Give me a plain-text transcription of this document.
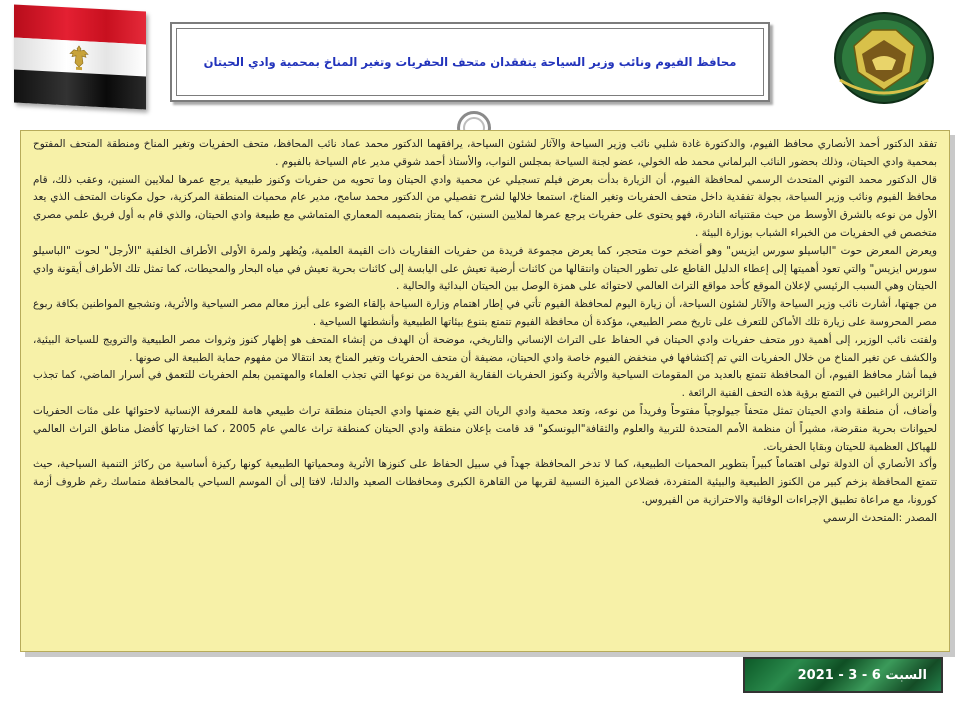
محافظ الفيوم ونائب وزير السياحة يتفقدان متحف الحفريات وتغير المناخ بمحمية وادي الحيتان

تفقد الدكتور أحمد الأنصاري محافظ الفيوم، والدكتورة غادة شلبي نائب وزير السياحة والآثار لشئون السياحة، يرافقهما الدكتور محمد عماد نائب المحافظ، متحف الحفريات وتغير المناخ ومنطقة المتحف المفتوح بمحمية وادي الحيتان، وذلك بحضور النائب البرلماني محمد طه الخولي، عضو لجنة السياحة بمجلس النواب، والأستاذ أحمد شوقي مدير عام السياحة بالفيوم .

قال الدكتور محمد التوني المتحدث الرسمي لمحافظة الفيوم، أن الزيارة بدأت بعرض فيلم تسجيلي عن محمية وادي الحيتان وما تحويه من حفريات وكنوز طبيعية يرجع عمرها لملايين السنين، وعقب ذلك، قام محافظ الفيوم ونائب وزير السياحة، بجولة تفقدية داخل متحف الحفريات وتغير المناخ، استمعا خلالها لشرح تفصيلي من الدكتور محمد سامح، مدير عام محميات المنطقة المركزية، حول مكونات المتحف الذي يعد الأول من نوعه بالشرق الأوسط من حيث مقتنياته النادرة، فهو يحتوى على حفريات يرجع عمرها لملايين السنين، كما يمتاز بتصميمه المعماري المتماشي مع طبيعة وادي الحيتان، والذي قام به أول فريق علمي مصري متخصص في الحفريات من الخبراء الشباب بوزارة البيئة .

ويعرض المعرض حوت "الباسيلو سورس ايزيس" وهو أضخم حوت متحجر، كما يعرض مجموعة فريدة من حفريات الفقاريات ذات القيمة العلمية، ويُظهر ولمرة الأولى الأطراف الخلفية "الأرجل" لحوت "الباسيلو سورس ايزيس" والتي تعود أهميتها إلى إعطاء الدليل القاطع على تطور الحيتان وانتقالها من كائنات أرضية تعيش على اليابسة إلى كائنات بحرية تعيش في مياه البحار والمحيطات، كما تمثل تلك الأطراف أيقونة وادي الحيتان وهي السبب الرئيسي لإعلان الموقع كأحد مواقع التراث العالمي لاحتوائه على همزة الوصل بين الحيتان البدائية والحالية .

من جهتها، أشارت نائب وزير السياحة والآثار لشئون السياحة، أن زيارة اليوم لمحافظة الفيوم تأتي في إطار اهتمام وزارة السياحة بإلقاء الضوء على أبرز معالم مصر السياحية والأثرية، وتشجيع المواطنين بكافة ربوع مصر المحروسة على زيارة تلك الأماكن للتعرف على تاريخ مصر الطبيعي، مؤكدة أن محافظة الفيوم تتمتع بتنوع بيئاتها الطبيعية وأنشطتها السياحية .

ولفتت نائب الوزير، إلى أهمية دور متحف حفريات وادي الحيتان في الحفاظ على التراث الإنساني والتاريخي، موضحة أن الهدف من إنشاء المتحف هو إظهار كنوز وثروات مصر الطبيعية والترويج للسياحة البيئية، والكشف عن تغير المناخ من خلال الحفريات التي تم إكتشافها في منخفض الفيوم خاصة وادي الحيتان، مضيفة أن متحف الحفريات وتغير المناخ يعد انتقالا من مفهوم حماية الطبيعة الى صونها .

فيما أشار محافظ الفيوم، أن المحافظة تتمتع بالعديد من المقومات السياحية والأثرية وكنوز الحفريات الفقارية الفريدة من نوعها التي تجذب العلماء والمهتمين بعلم الحفريات للتعمق في أسرار الماضي، كما تجذب الزائرين الراغبين في التمتع برؤية هذه التحف الفنية الرائعة .

وأضاف، أن منطقة وادي الحيتان تمثل متحفاً جيولوجياً مفتوحاً وفريداً من نوعه، وتعد محمية وادي الريان التي يقع ضمنها وادي الحيتان منطقة تراث طبيعي هامة للمعرفة الإنسانية لاحتوائها على مئات الحفريات لحيوانات بحرية منقرضة، مشيراً أن منظمة الأمم المتحدة للتربية والعلوم والثقافة"اليونسكو" قد قامت بإعلان منطقة وادي الحيتان كمنطقة تراث عالمي عام 2005 ، كما اختارتها كأفضل مناطق التراث العالمي للهياكل العظمية للحيتان وبقايا الحفريات.

وأكد الأنصاري أن الدولة تولى اهتماماً كبيراً بتطوير المحميات الطبيعية، كما لا تدخر المحافظة جهداً في سبيل الحفاظ على كنوزها الأثرية ومحمياتها الطبيعية كونها ركيزة أساسية من ركائز التنمية السياحية، حيث تتمتع المحافظة بزخم كبير من الكنوز الطبيعية والبيئية المتفردة، فضلاعن الميزة النسبية لقربها من القاهرة الكبرى ومحافظات الصعيد والدلتا، لافتا إلى أن الموسم السياحي بالمحافظة متماسك رغم ظروف أزمة كورونا، مع مراعاة تطبيق الإجراءات الوقائية والاحترازية من الفيروس.

المصدر :المتحدث الرسمي

السبت 6 - 3 - 2021
